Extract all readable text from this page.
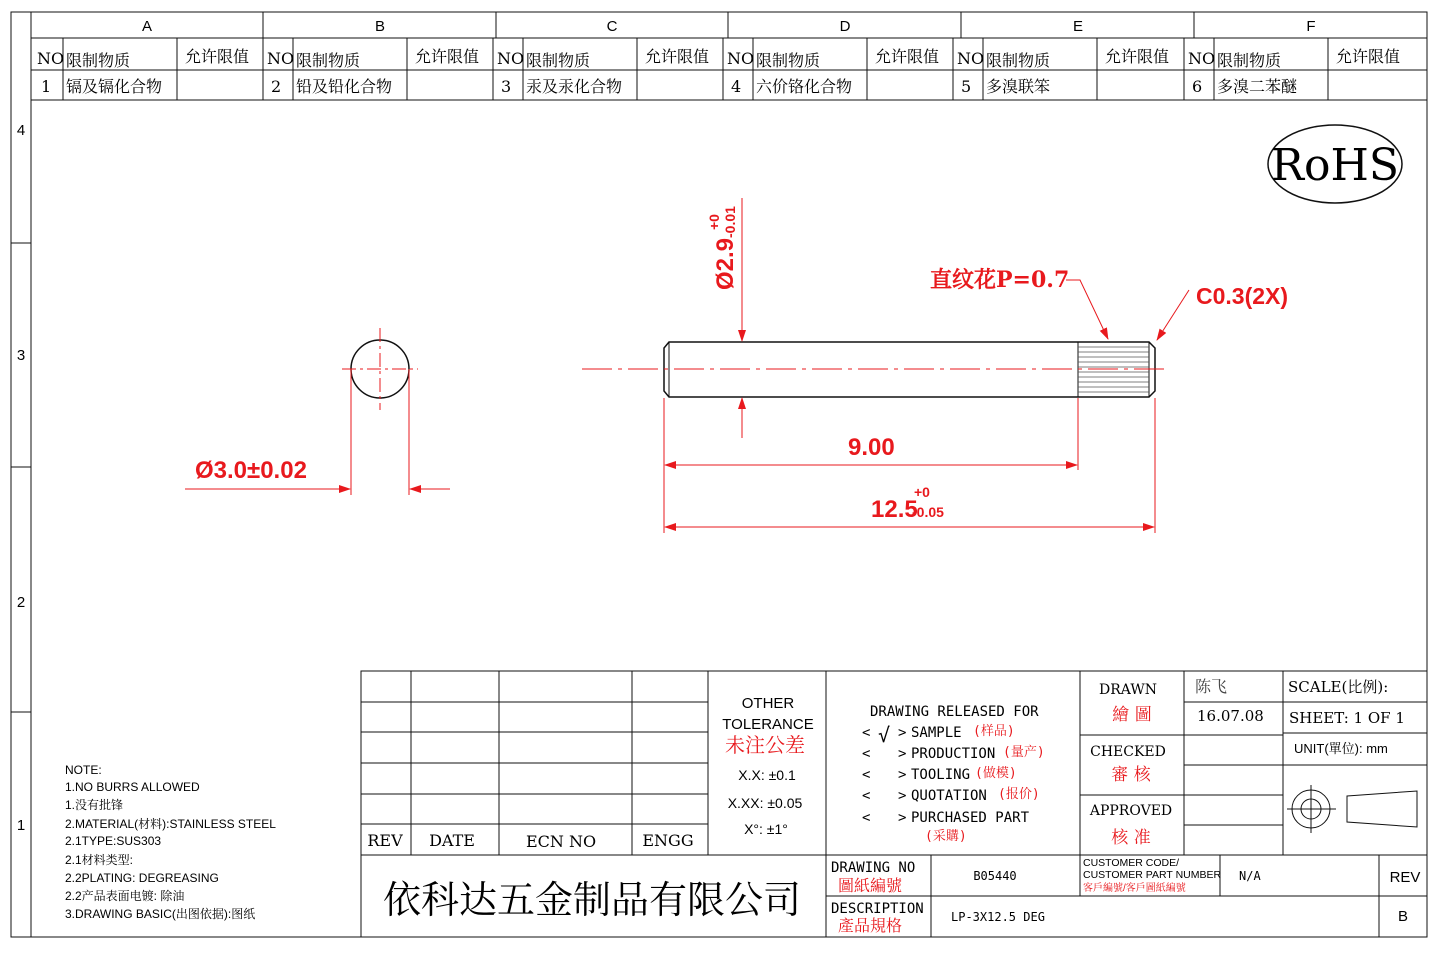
A	B	C	D	E	F
4
3
2
1
NO 限制物质	允许限值 NO 限制物质	允许限值 NO 限制物质	允许限值 NO 限制物质	允许限值 NO 限制物质	允许限值 NO 限制物质	允许限值
1 镉及镉化合物	2 铅及铅化合物	3 汞及汞化合物	4 六价铬化合物	5 多溴联笨	6 多溴二苯醚
RoHS
Ø3.0±0.02
Ø2.9
+0 -0.01
直纹花P=0.7
C0.3(2X)
9.00
12.5
+0
-0.05
NOTE:
1.NO BURRS ALLOWED
1.没有批锋
2.MATERIAL(材料):STAINLESS STEEL
2.1TYPE:SUS303
2.1材料类型:
2.2PLATING: DEGREASING
2.2产品表面电镀: 除油
3.DRAWING BASIC(出图依据):图纸
REV DATE	ECN NO	ENGG
OTHER
TOLERANCE
未注公差
X.X: ±0.1
X.XX: ±0.05
X°: ±1°
DRAWING RELEASED FOR
< √ > SAMPLE (样品)
< > PRODUCTION (量产)
< > TOOLING (做模)
< > QUOTATION (报价)
< > PURCHASED PART
(采購)
DRAWN
繪 圖
CHECKED
審 核
APPROVED
核 准
陈飞
16.07.08
SCALE(比例):
SHEET: 1 OF 1
UNIT(單位): mm
依科达五金制品有限公司
DRAWING NO
圖紙編號	B05440
DESCRIPTION
產品規格	LP-3X12.5 DEG
CUSTOMER CODE/
CUSTOMER PART NUMBER
客戶編號/客戶圖紙編號
N/A	REV
B
